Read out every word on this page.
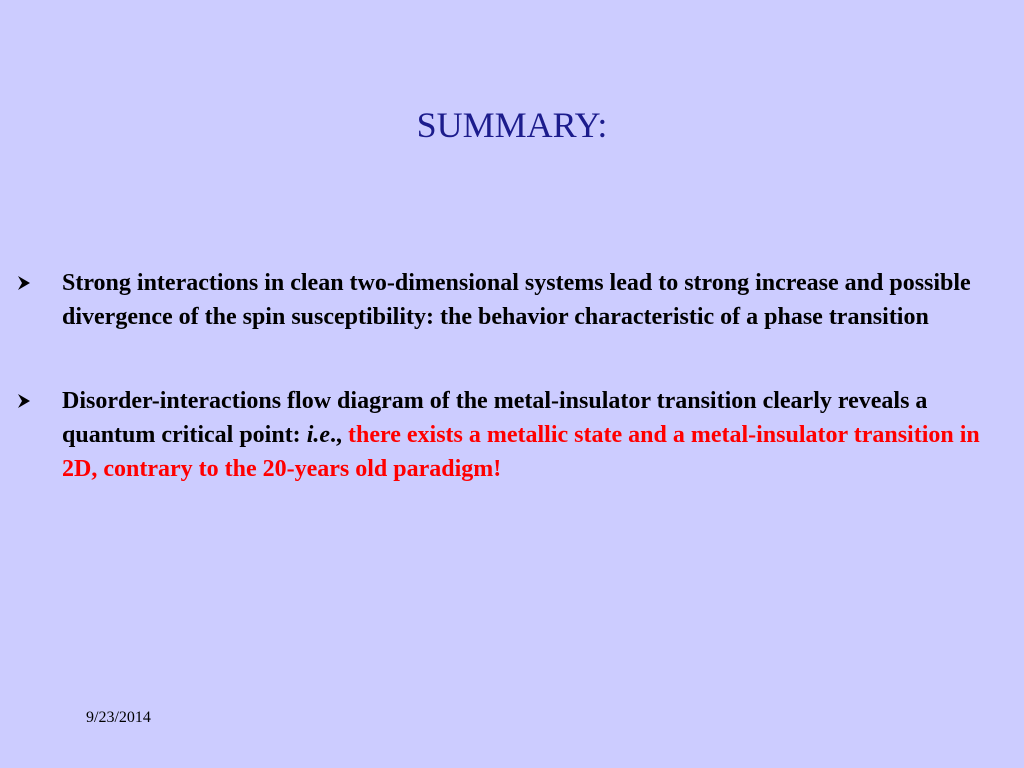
SUMMARY:
Strong interactions in clean two-dimensional systems lead to strong increase and possible divergence of the spin susceptibility: the behavior characteristic of a phase transition
Disorder-interactions flow diagram of the metal-insulator transition clearly reveals a quantum critical point: i.e., there exists a metallic state and a metal-insulator transition in 2D, contrary to the 20-years old paradigm!
9/23/2014
